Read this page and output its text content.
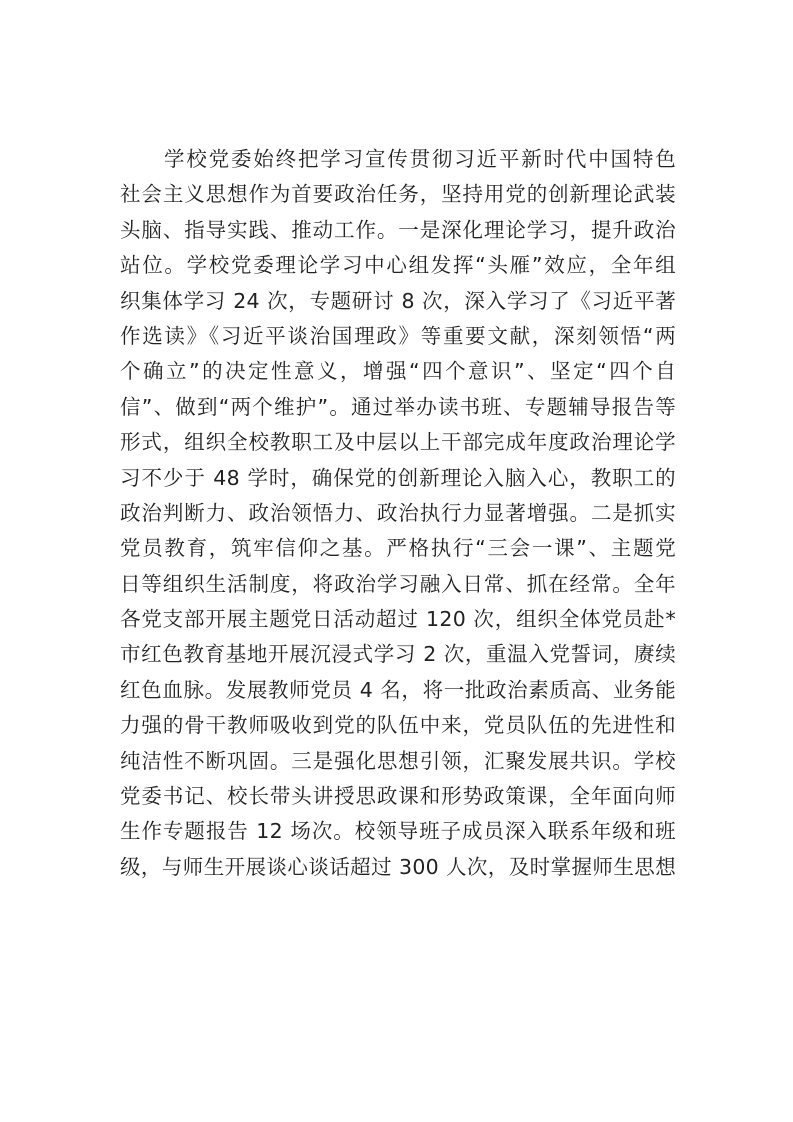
学校党委始终把学习宣传贯彻习近平新时代中国特色
社会主义思想作为首要政治任务，坚持用党的创新理论武装
头脑、指导实践、推动工作。一是深化理论学习，提升政治
站位。学校党委理论学习中心组发挥“头雁”效应，全年组
织集体学习 24 次，专题研讨 8 次，深入学习了《习近平著
作选读》《习近平谈治国理政》等重要文献，深刻领悟“两
个确立”的决定性意义，增强“四个意识”、坚定“四个自
信”、做到“两个维护”。通过举办读书班、专题辅导报告等
形式，组织全校教职工及中层以上干部完成年度政治理论学
习不少于 48 学时，确保党的创新理论入脑入心，教职工的
政治判断力、政治领悟力、政治执行力显著增强。二是抓实
党员教育，筑牢信仰之基。严格执行“三会一课”、主题党
日等组织生活制度，将政治学习融入日常、抓在经常。全年
各党支部开展主题党日活动超过 120 次，组织全体党员赴*
市红色教育基地开展沉浸式学习 2 次，重温入党誓词，赓续
红色血脉。发展教师党员 4 名，将一批政治素质高、业务能
力强的骨干教师吸收到党的队伍中来，党员队伍的先进性和
纯洁性不断巩固。三是强化思想引领，汇聚发展共识。学校
党委书记、校长带头讲授思政课和形势政策课，全年面向师
生作专题报告 12 场次。校领导班子成员深入联系年级和班
级，与师生开展谈心谈话超过 300 人次，及时掌握师生思想
